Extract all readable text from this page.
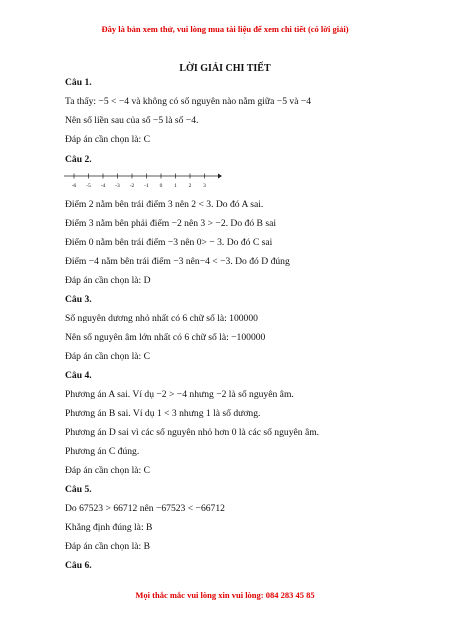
Đây là bản xem thử, vui lòng mua tài liệu để xem chi tiết (có lời giải)
LỜI GIẢI CHI TIẾT
Câu 1.
Ta thấy: −5 < −4 và không có số nguyên nào nằm giữa −5 và −4
Nên số liền sau của số −5 là số −4.
Đáp án cần chọn là: C
Câu 2.
Điểm 2 nằm bên trái điểm 3 nên 2 < 3. Do đó A sai.
Điểm 3 nằm bên phải điểm −2 nên 3 > −2. Do đó B sai
Điểm 0 nằm bên trái điểm −3 nên 0> − 3. Do đó C sai
Điểm −4 nằm bên trái điểm −3 nên−4 < −3. Do đó D đúng
Đáp án cần chọn là: D
Câu 3.
Số nguyên dương nhỏ nhất có 6 chữ số là: 100000
Nên số nguyên âm lớn nhất có 6 chữ số là: −100000
Đáp án cần chọn là: C
Câu 4.
Phương án A sai. Ví dụ −2 > −4 nhưng −2 là số nguyên âm.
Phương án B sai. Ví dụ 1 < 3 nhưng 1 là số dương.
Phương án D sai vì các số nguyên nhỏ hơn 0 là các số nguyên âm.
Phương án C đúng.
Đáp án cần chọn là: C
Câu 5.
Do 67523 > 66712 nên −67523 < −66712
Khẳng định đúng là: B
Đáp án cần chọn là: B
Câu 6.
-6 -5 -4 -3 -2 -1 0 1 2 3
Mọi thắc mắc vui lòng xin vui lòng: 084 283 45 85
